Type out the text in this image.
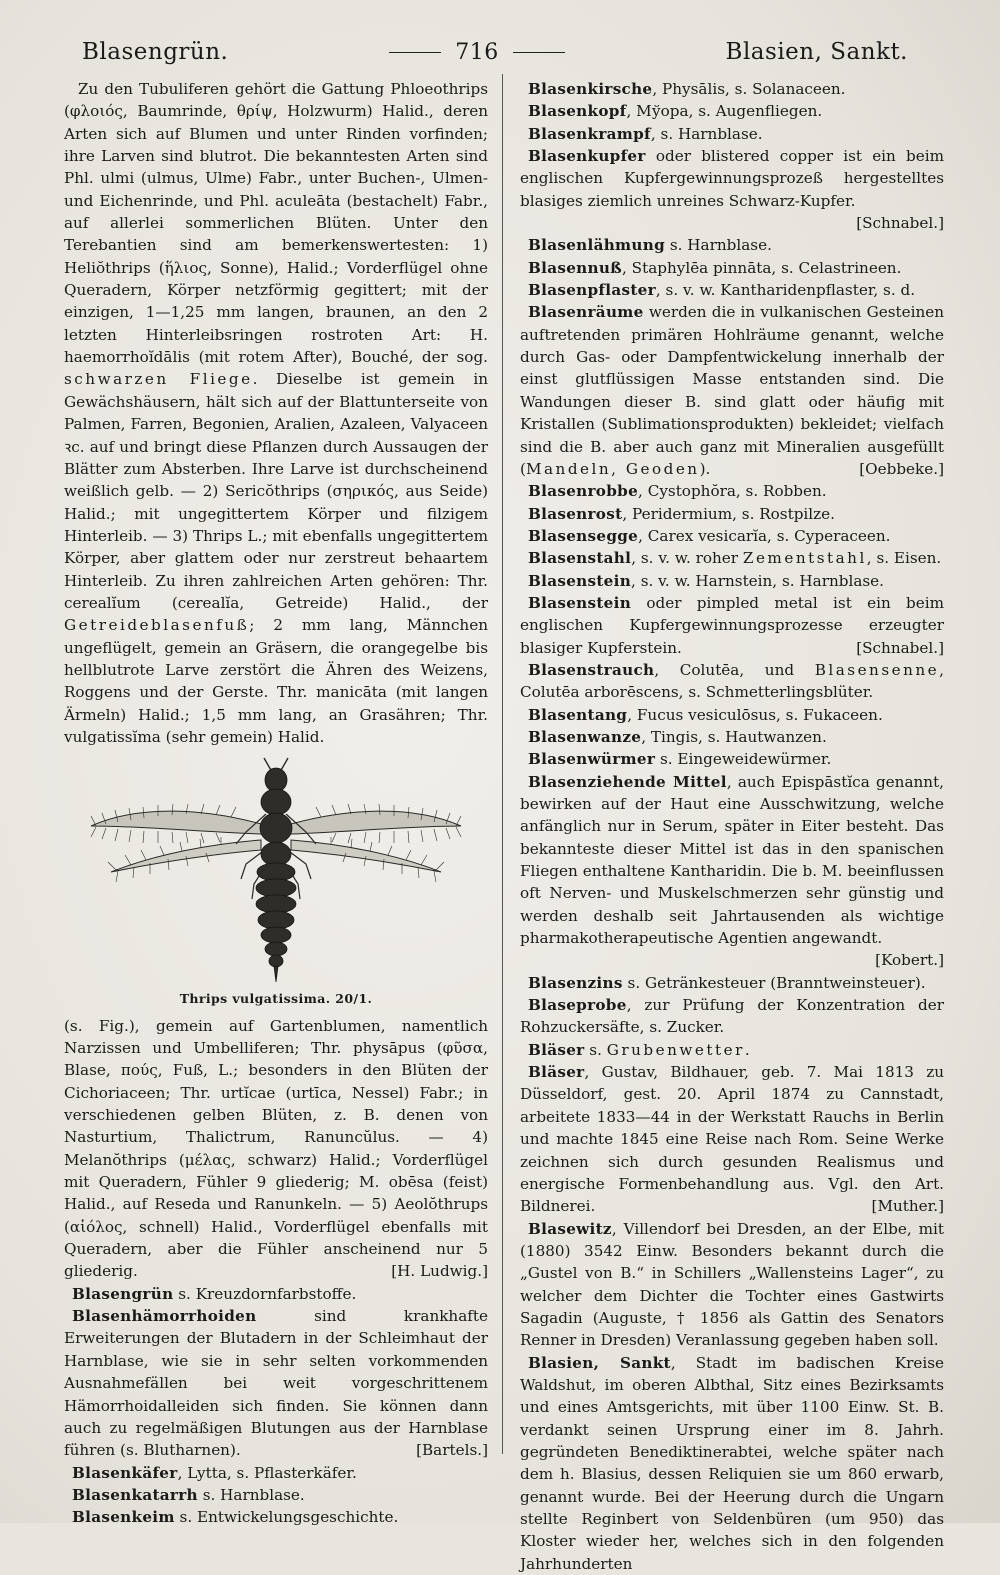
Blasengrün.	716	Blasien, Sankt.

Zu den Tubuliferen gehört die Gattung Phloeothrips (φλοιός, Baumrinde, θρίψ, Holzwurm) Halid., deren Arten sich auf Blumen und unter Rinden vorfinden; ihre Larven sind blutrot. Die bekanntesten Arten sind Phl. ulmi (ulmus, Ulme) Fabr., unter Buchen-, Ulmen- und Eichenrinde, und Phl. aculeāta (bestachelt) Fabr., auf allerlei sommerlichen Blüten. Unter den Terebantien sind am bemerkenswertesten: 1) Heliŏthrips (ἥλιος, Sonne), Halid.; Vorderflügel ohne Queradern, Körper netzförmig gegittert; mit der einzigen, 1—1,25 mm langen, braunen, an den 2 letzten Hinterleibsringen rostroten Art: H. haemorrhoĭdālis (mit rotem After), Bouché, der sog. schwarzen Fliege. Dieselbe ist gemein in Gewächshäusern, hält sich auf der Blattunterseite von Palmen, Farren, Begonien, Aralien, Azaleen, Valyaceen ꝛc. auf und bringt diese Pflanzen durch Aussaugen der Blätter zum Absterben. Ihre Larve ist durchscheinend weißlich gelb. — 2) Sericŏthrips (σηρικός, aus Seide) Halid.; mit ungegittertem Körper und filzigem Hinterleib. — 3) Thrips L.; mit ebenfalls ungegittertem Körper, aber glattem oder nur zerstreut behaartem Hinterleib. Zu ihren zahlreichen Arten gehören: Thr. cerealĭum (cerealĭa, Getreide) Halid., der Getreideblasenfuß; 2 mm lang, Männchen ungeflügelt, gemein an Gräsern, die orangegelbe bis hellblutrote Larve zerstört die Ähren des Weizens, Roggens und der Gerste. Thr. manicāta (mit langen Ärmeln) Halid.; 1,5 mm lang, an Grasähren; Thr. vulgatissĭma (sehr gemein) Halid.

Thrips vulgatissima. 20/1.

(s. Fig.), gemein auf Gartenblumen, namentlich Narzissen und Umbelliferen; Thr. physāpus (φῦσα, Blase, πούς, Fuß, L.; besonders in den Blüten der Cichoriaceen; Thr. urtĭcae (urtīca, Nessel) Fabr.; in verschiedenen gelben Blüten, z. B. denen von Nasturtium, Thalictrum, Ranuncŭlus. — 4) Melanŏthrips (μέλας, schwarz) Halid.; Vorderflügel mit Queradern, Fühler 9 gliederig; M. obēsa (feist) Halid., auf Reseda und Ranunkeln. — 5) Aeolŏthrups (αἰόλος, schnell) Halid., Vorderflügel ebenfalls mit Queradern, aber die Fühler anscheinend nur 5 gliederig.	[H. Ludwig.]

Blasengrün s. Kreuzdornfarbstoffe.

Blasenhämorrhoiden sind krankhafte Erweiterungen der Blutadern in der Schleimhaut der Harnblase, wie sie in sehr selten vorkommenden Ausnahmefällen bei weit vorgeschrittenem Hämorrhoidalleiden sich finden. Sie können dann auch zu regelmäßigen Blutungen aus der Harnblase führen (s. Blutharnen).	[Bartels.]

Blasenkäfer, Lytta, s. Pflasterkäfer.

Blasenkatarrh s. Harnblase.

Blasenkeim s. Entwickelungsgeschichte.

Blasenkirsche, Physālis, s. Solanaceen.

Blasenkopf, Mўopa, s. Augenfliegen.

Blasenkrampf, s. Harnblase.

Blasenkupfer oder blistered copper ist ein beim englischen Kupfergewinnungsprozeß hergestelltes blasiges ziemlich unreines Schwarz-Kupfer.
[Schnabel.]

Blasenlähmung s. Harnblase.

Blasennuß, Staphylēa pinnāta, s. Celastrineen.

Blasenpflaster, s. v. w. Kantharidenpflaster, s. d.

Blasenräume werden die in vulkanischen Gesteinen auftretenden primären Hohlräume genannt, welche durch Gas- oder Dampfentwickelung innerhalb der einst glutflüssigen Masse entstanden sind. Die Wandungen dieser B. sind glatt oder häufig mit Kristallen (Sublimationsprodukten) bekleidet; vielfach sind die B. aber auch ganz mit Mineralien ausgefüllt (Mandeln, Geoden).	[Oebbeke.]

Blasenrobbe, Cystophŏra, s. Robben.

Blasenrost, Peridermium, s. Rostpilze.

Blasensegge, Carex vesicarĭa, s. Cyperaceen.

Blasenstahl, s. v. w. roher Zementstahl, s. Eisen.

Blasenstein, s. v. w. Harnstein, s. Harnblase.

Blasenstein oder pimpled metal ist ein beim englischen Kupfergewinnungsprozesse erzeugter blasiger Kupferstein.	[Schnabel.]

Blasenstrauch, Colutēa, und Blasensenne, Colutēa arborēscens, s. Schmetterlingsblüter.

Blasentang, Fucus vesiculōsus, s. Fukaceen.

Blasenwanze, Tingis, s. Hautwanzen.

Blasenwürmer s. Eingeweidewürmer.

Blasenziehende Mittel, auch Epispāstĭca genannt, bewirken auf der Haut eine Ausschwitzung, welche anfänglich nur in Serum, später in Eiter besteht. Das bekannteste dieser Mittel ist das in den spanischen Fliegen enthaltene Kantharidin. Die b. M. beeinflussen oft Nerven- und Muskelschmerzen sehr günstig und werden deshalb seit Jahrtausenden als wichtige pharmakotherapeutische Agentien angewandt.
[Kobert.]

Blasenzins s. Getränkesteuer (Branntweinsteuer).

Blaseprobe, zur Prüfung der Konzentration der Rohzuckersäfte, s. Zucker.

Bläser s. Grubenwetter.

Bläser, Gustav, Bildhauer, geb. 7. Mai 1813 zu Düsseldorf, gest. 20. April 1874 zu Cannstadt, arbeitete 1833—44 in der Werkstatt Rauchs in Berlin und machte 1845 eine Reise nach Rom. Seine Werke zeichnen sich durch gesunden Realismus und energische Formenbehandlung aus. Vgl. den Art. Bildnerei.	[Muther.]

Blasewitz, Villendorf bei Dresden, an der Elbe, mit (1880) 3542 Einw. Besonders bekannt durch die „Gustel von B.“ in Schillers „Wallensteins Lager“, zu welcher dem Dichter die Tochter eines Gastwirts Sagadin (Auguste, † 1856 als Gattin des Senators Renner in Dresden) Veranlassung gegeben haben soll.

Blasien, Sankt, Stadt im badischen Kreise Waldshut, im oberen Albthal, Sitz eines Bezirksamts und eines Amtsgerichts, mit über 1100 Einw. St. B. verdankt seinen Ursprung einer im 8. Jahrh. gegründeten Benediktinerabtei, welche später nach dem h. Blasius, dessen Reliquien sie um 860 erwarb, genannt wurde. Bei der Heerung durch die Ungarn stellte Reginbert von Seldenbüren (um 950) das Kloster wieder her, welches sich in den folgenden Jahrhunderten
